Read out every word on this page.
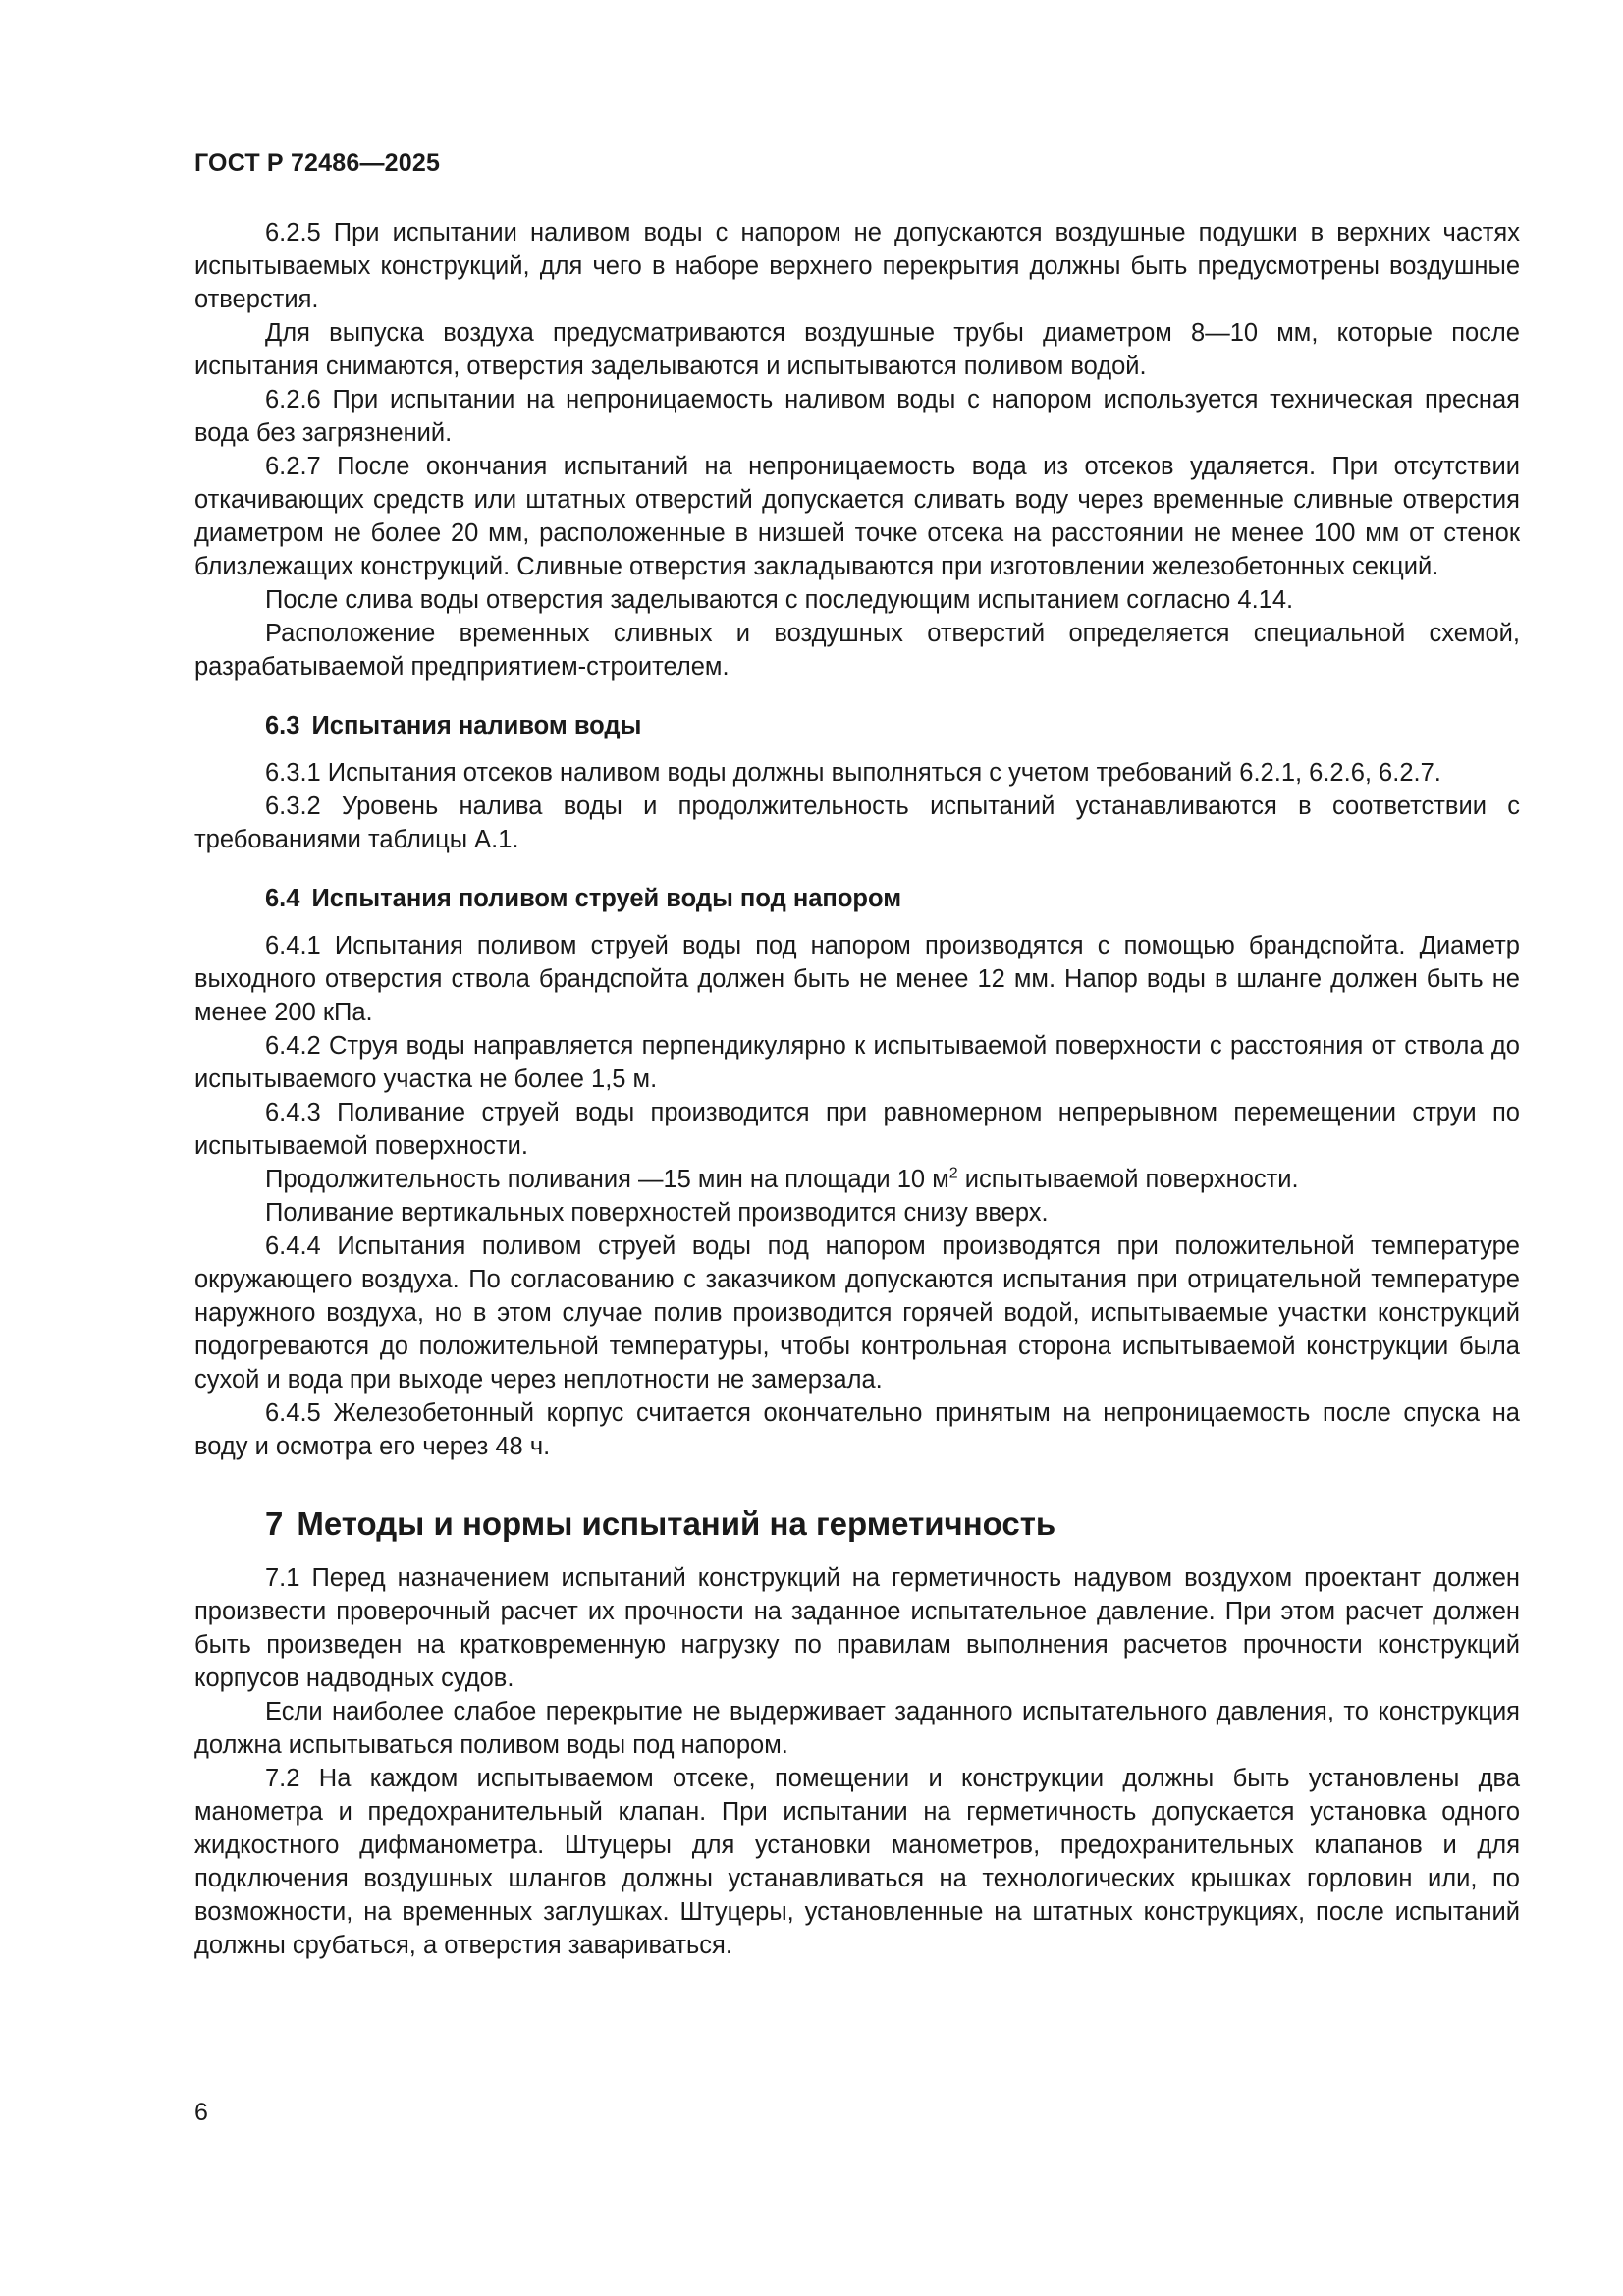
ГОСТ Р 72486—2025

6.2.5 При испытании наливом воды с напором не допускаются воздушные подушки в верхних частях испытываемых конструкций, для чего в наборе верхнего перекрытия должны быть предусмотрены воздушные отверстия.

Для выпуска воздуха предусматриваются воздушные трубы диаметром 8—10 мм, которые после испытания снимаются, отверстия заделываются и испытываются поливом водой.

6.2.6 При испытании на непроницаемость наливом воды с напором используется техническая пресная вода без загрязнений.

6.2.7 После окончания испытаний на непроницаемость вода из отсеков удаляется. При отсутствии откачивающих средств или штатных отверстий допускается сливать воду через временные сливные отверстия диаметром не более 20 мм, расположенные в низшей точке отсека на расстоянии не менее 100 мм от стенок близлежащих конструкций. Сливные отверстия закладываются при изготовлении железобетонных секций.

После слива воды отверстия заделываются с последующим испытанием согласно 4.14.

Расположение временных сливных и воздушных отверстий определяется специальной схемой, разрабатываемой предприятием-строителем.

6.3 Испытания наливом воды

6.3.1 Испытания отсеков наливом воды должны выполняться с учетом требований 6.2.1, 6.2.6, 6.2.7.

6.3.2 Уровень налива воды и продолжительность испытаний устанавливаются в соответствии с требованиями таблицы А.1.

6.4 Испытания поливом струей воды под напором

6.4.1 Испытания поливом струей воды под напором производятся с помощью брандспойта. Диаметр выходного отверстия ствола брандспойта должен быть не менее 12 мм. Напор воды в шланге должен быть не менее 200 кПа.

6.4.2 Струя воды направляется перпендикулярно к испытываемой поверхности с расстояния от ствола до испытываемого участка не более 1,5 м.

6.4.3 Поливание струей воды производится при равномерном непрерывном перемещении струи по испытываемой поверхности.

Продолжительность поливания —15 мин на площади 10 $м^2$ испытываемой поверхности.

Поливание вертикальных поверхностей производится снизу вверх.

6.4.4 Испытания поливом струей воды под напором производятся при положительной температуре окружающего воздуха. По согласованию с заказчиком допускаются испытания при отрицательной температуре наружного воздуха, но в этом случае полив производится горячей водой, испытываемые участки конструкций подогреваются до положительной температуры, чтобы контрольная сторона испытываемой конструкции была сухой и вода при выходе через неплотности не замерзала.

6.4.5 Железобетонный корпус считается окончательно принятым на непроницаемость после спуска на воду и осмотра его через 48 ч.

7 Методы и нормы испытаний на герметичность

7.1 Перед назначением испытаний конструкций на герметичность надувом воздухом проектант должен произвести проверочный расчет их прочности на заданное испытательное давление. При этом расчет должен быть произведен на кратковременную нагрузку по правилам выполнения расчетов прочности конструкций корпусов надводных судов.

Если наиболее слабое перекрытие не выдерживает заданного испытательного давления, то конструкция должна испытываться поливом воды под напором.

7.2 На каждом испытываемом отсеке, помещении и конструкции должны быть установлены два манометра и предохранительный клапан. При испытании на герметичность допускается установка одного жидкостного дифманометра. Штуцеры для установки манометров, предохранительных клапанов и для подключения воздушных шлангов должны устанавливаться на технологических крышках горловин или, по возможности, на временных заглушках. Штуцеры, установленные на штатных конструкциях, после испытаний должны срубаться, а отверстия завариваться.

6
